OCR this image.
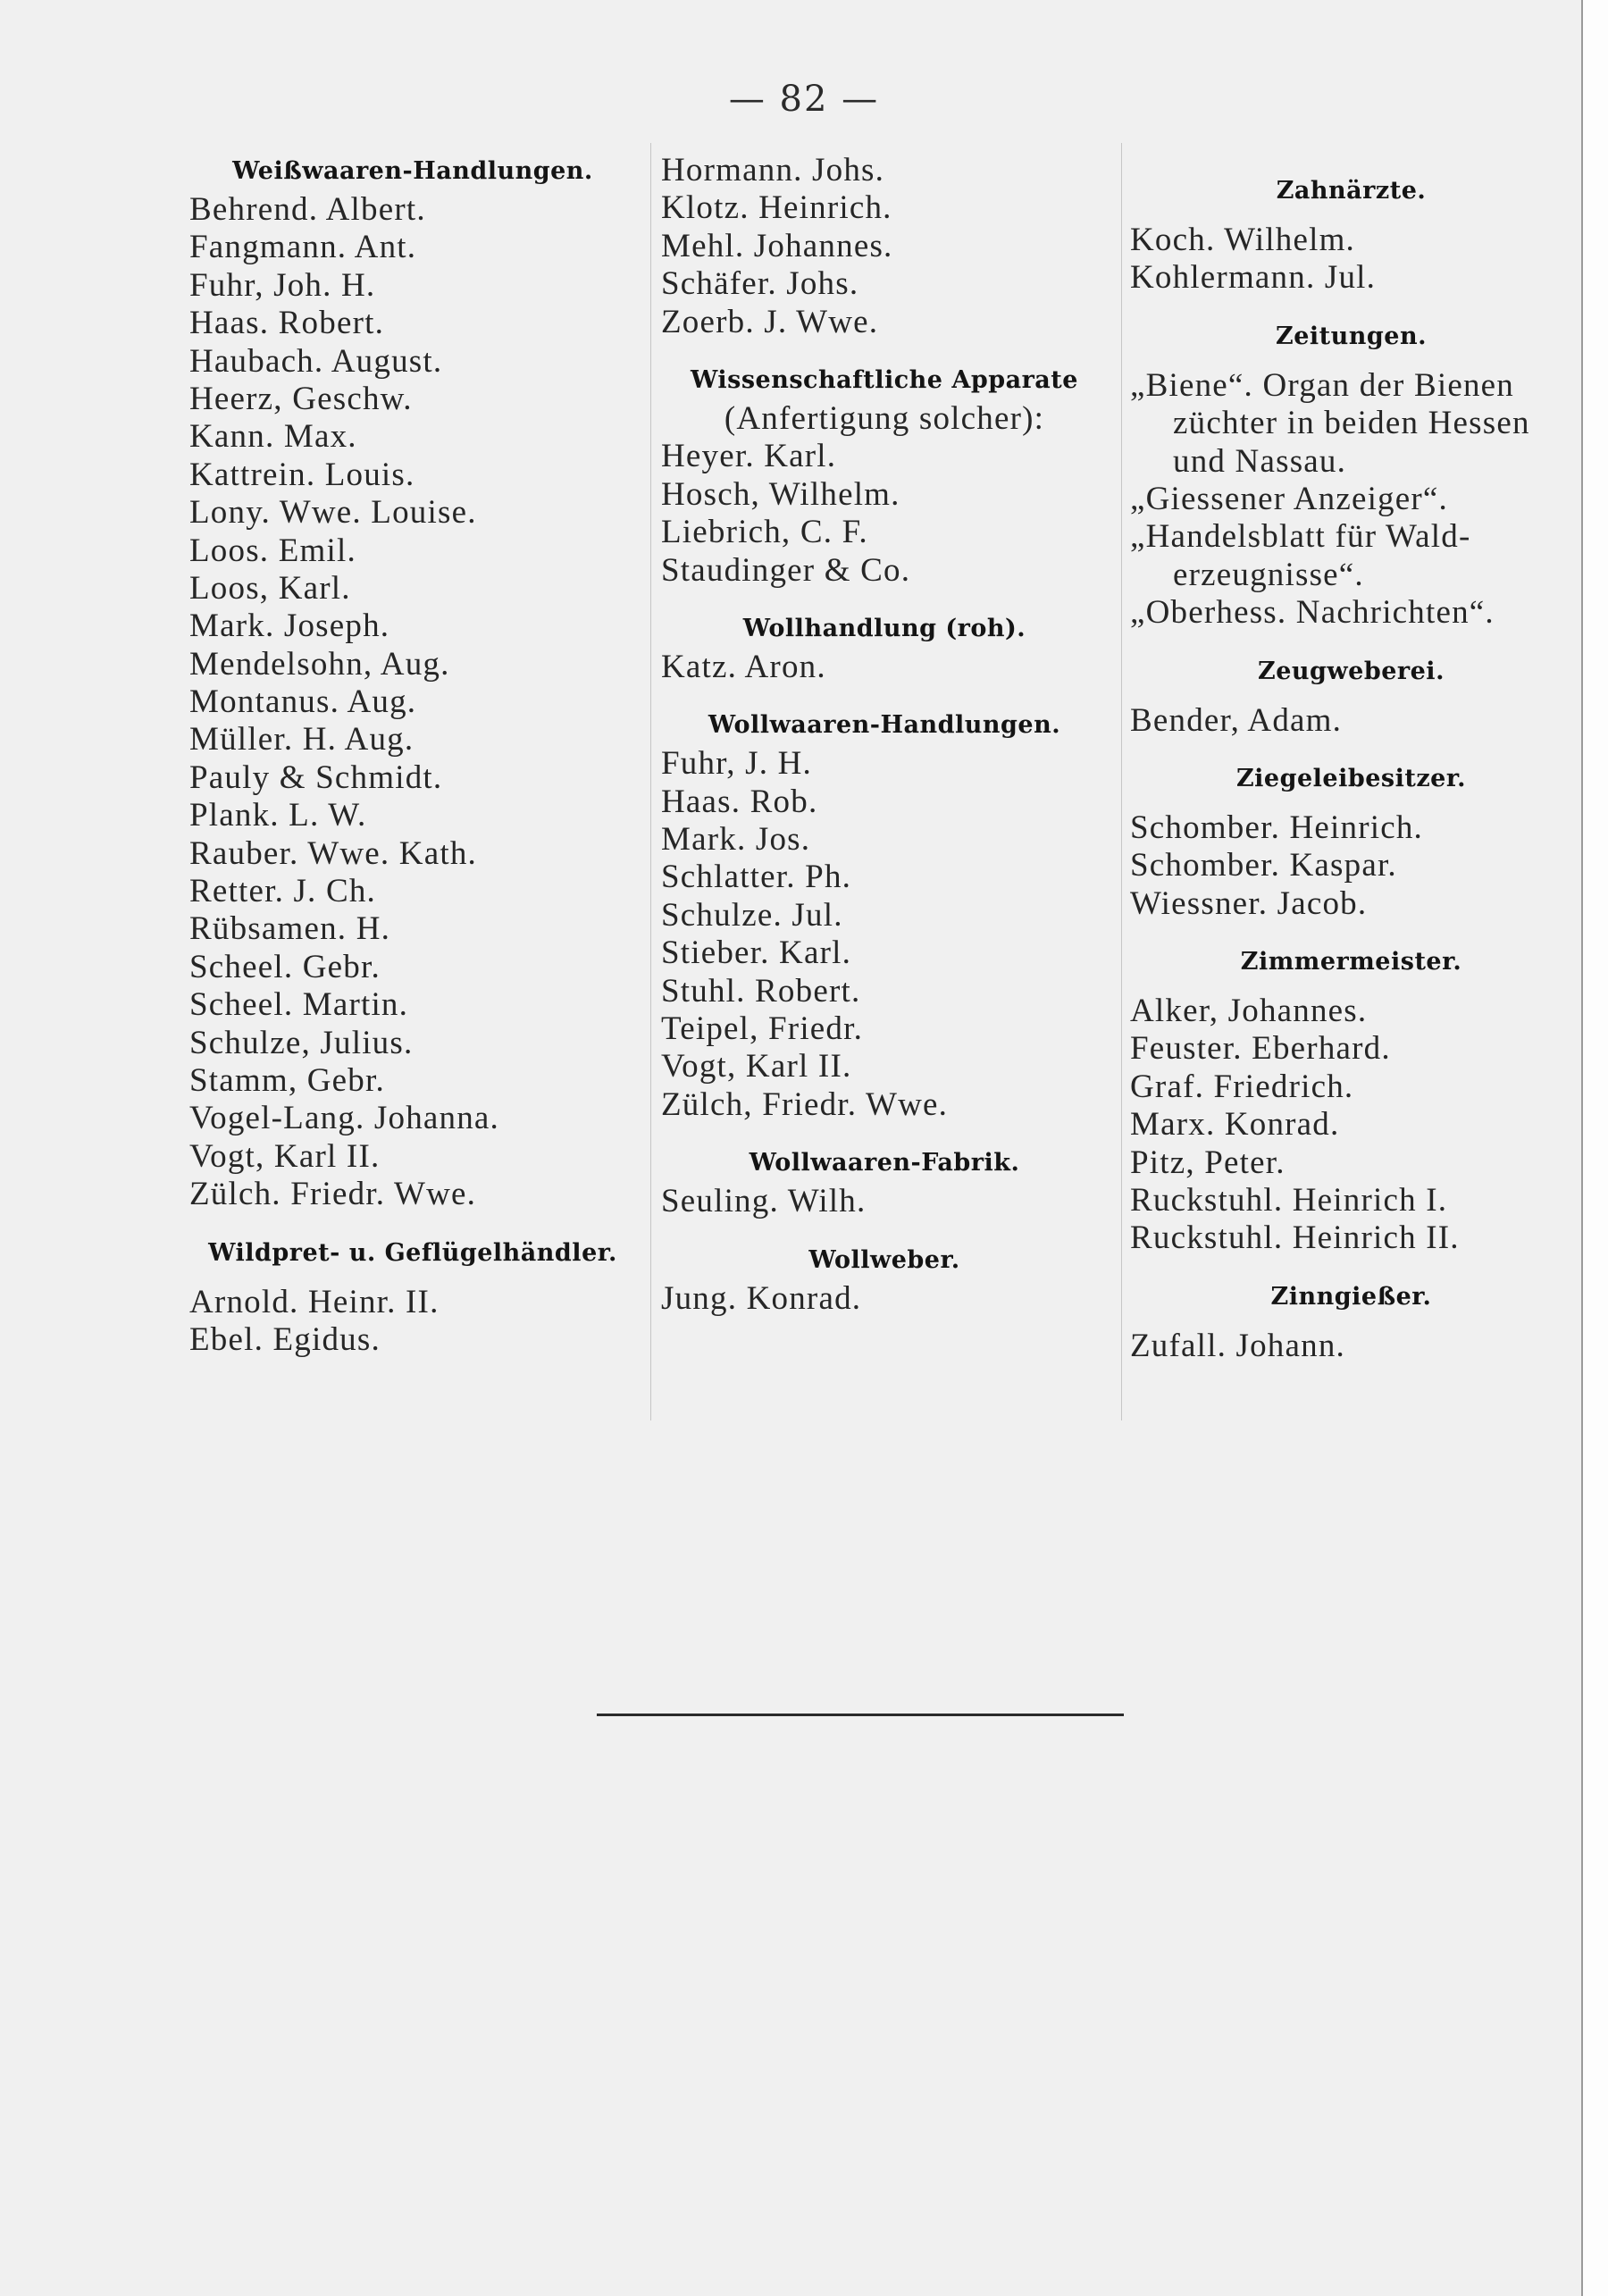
— 82 —
Weißwaaren-Handlungen.
Behrend. Albert.
Fangmann. Ant.
Fuhr, Joh. H.
Haas. Robert.
Haubach. August.
Heerz, Geschw.
Kann. Max.
Kattrein. Louis.
Lony. Wwe. Louise.
Loos. Emil.
Loos, Karl.
Mark. Joseph.
Mendelsohn, Aug.
Montanus. Aug.
Müller. H. Aug.
Pauly & Schmidt.
Plank. L. W.
Rauber. Wwe. Kath.
Retter. J. Ch.
Rübsamen. H.
Scheel. Gebr.
Scheel. Martin.
Schulze, Julius.
Stamm, Gebr.
Vogel-Lang. Johanna.
Vogt, Karl II.
Zülch. Friedr. Wwe.
Wildpret- u. Geflügelhändler.
Arnold. Heinr. II.
Ebel. Egidus.
Hormann. Johs.
Klotz. Heinrich.
Mehl. Johannes.
Schäfer. Johs.
Zoerb. J. Wwe.
Wissenschaftliche Apparate
(Anfertigung solcher):
Heyer. Karl.
Hosch, Wilhelm.
Liebrich, C. F.
Staudinger & Co.
Wollhandlung (roh).
Katz. Aron.
Wollwaaren-Handlungen.
Fuhr, J. H.
Haas. Rob.
Mark. Jos.
Schlatter. Ph.
Schulze. Jul.
Stieber. Karl.
Stuhl. Robert.
Teipel, Friedr.
Vogt, Karl II.
Zülch, Friedr. Wwe.
Wollwaaren-Fabrik.
Seuling. Wilh.
Wollweber.
Jung. Konrad.
Zahnärzte.
Koch. Wilhelm.
Kohlermann. Jul.
Zeitungen.
„Biene“. Organ der Bienen
züchter in beiden Hessen
und Nassau.
„Giessener Anzeiger“.
„Handelsblatt für Wald-
erzeugnisse“.
„Oberhess. Nachrichten“.
Zeugweberei.
Bender, Adam.
Ziegeleibesitzer.
Schomber. Heinrich.
Schomber. Kaspar.
Wiessner. Jacob.
Zimmermeister.
Alker, Johannes.
Feuster. Eberhard.
Graf. Friedrich.
Marx. Konrad.
Pitz, Peter.
Ruckstuhl. Heinrich I.
Ruckstuhl. Heinrich II.
Zinngießer.
Zufall. Johann.
